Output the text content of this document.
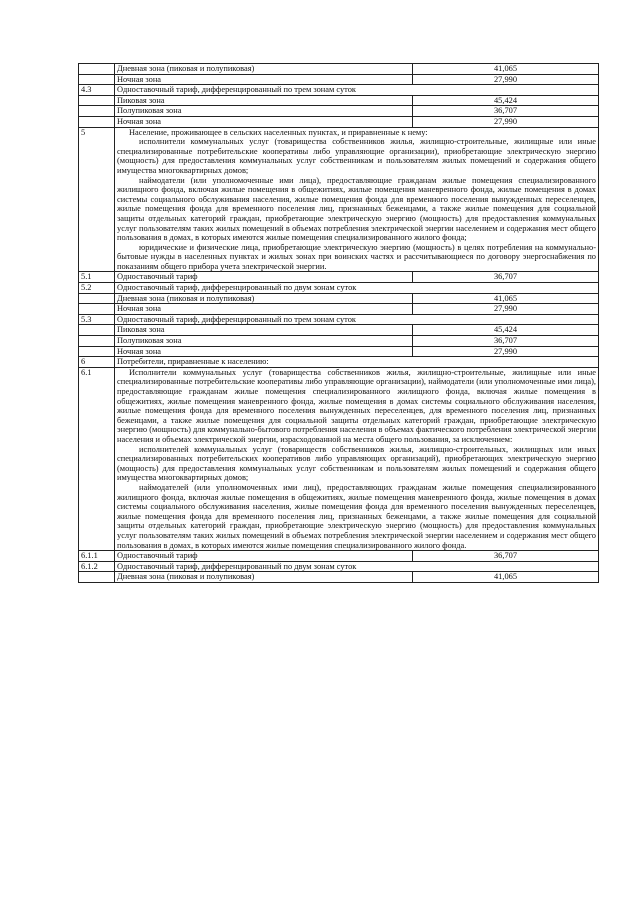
	Дневная зона (пиковая и полупиковая)	41,065
	Ночная зона	27,990
4.3	Одноставочный тариф, дифференцированный по трем зонам суток	
	Пиковая зона	45,424
	Полупиковая зона	36,707
	Ночная зона	27,990
5	Население, проживающее в сельских населенных пунктах, и приравненные к нему:

исполнители коммунальных услуг (товарищества собственников жилья, жилищно-строительные, жилищные или иные специализированные потребительские кооперативы либо управляющие организации), приобретающие электрическую энергию (мощность) для предоставления коммунальных услуг собственникам и пользователям жилых помещений и содержания общего имущества многоквартирных домов;

наймодатели (или уполномоченные ими лица), предоставляющие гражданам жилые помещения специализированного жилищного фонда, включая жилые помещения в общежитиях, жилые помещения маневренного фонда, жилые помещения в домах системы социального обслуживания населения, жилые помещения фонда для временного поселения вынужденных переселенцев, жилые помещения фонда для временного поселения лиц, признанных беженцами, а также жилые помещения для социальной защиты отдельных категорий граждан, приобретающие электрическую энергию (мощность) для предоставления коммунальных услуг пользователям таких жилых помещений в объемах потребления электрической энергии населением и содержания мест общего пользования в домах, в которых имеются жилые помещения специализированного жилого фонда;

юридические и физические лица, приобретающие электрическую энергию (мощность) в целях потребления на коммунально-бытовые нужды в населенных пунктах и жилых зонах при воинских частях и рассчитывающиеся по договору энергоснабжения по показаниям общего прибора учета электрической энергии.	

5.1	Одноставочный тариф	36,707
5.2	Одноставочный тариф, дифференцированный по двум зонам суток	
	Дневная зона (пиковая и полупиковая)	41,065
	Ночная зона	27,990
5.3	Одноставочный тариф, дифференцированный по трем зонам суток	
	Пиковая зона	45,424
	Полупиковая зона	36,707
	Ночная зона	27,990
6	Потребители, приравненные к населению:	
6.1	Исполнители коммунальных услуг (товарищества собственников жилья, жилищно-строительные, жилищные или иные специализированные потребительские кооперативы либо управляющие организации), наймодатели (или уполномоченные ими лица), предоставляющие гражданам жилые помещения специализированного жилищного фонда, включая жилые помещения в общежитиях, жилые помещения маневренного фонда, жилые помещения в домах системы социального обслуживания населения, жилые помещения фонда для временного поселения вынужденных переселенцев, для временного поселения лиц, признанных беженцами, а также жилые помещения для социальной защиты отдельных категорий граждан, приобретающие электрическую энергию (мощность) для коммунально-бытового потребления населения в объемах фактического потребления электрической энергии населения и объемах электрической энергии, израсходованной на места общего пользования, за исключением:

исполнителей коммунальных услуг (товариществ собственников жилья, жилищно-строительных, жилищных или иных специализированных потребительских кооперативов либо управляющих организаций), приобретающих электрическую энергию (мощность) для предоставления коммунальных услуг собственникам и пользователям жилых помещений и содержания общего имущества многоквартирных домов;

наймодателей (или уполномоченных ими лиц), предоставляющих гражданам жилые помещения специализированного жилищного фонда, включая жилые помещения в общежитиях, жилые помещения маневренного фонда, жилые помещения в домах системы социального обслуживания населения, жилые помещения фонда для временного поселения вынужденных переселенцев, жилые помещения фонда для временного поселения лиц, признанных беженцами, а также жилые помещения для социальной защиты отдельных категорий граждан, приобретающие электрическую энергию (мощность) для предоставления коммунальных услуг пользователям таких жилых помещений в объемах потребления электрической энергии населением и содержания мест общего пользования в домах, в которых имеются жилые помещения специализированного жилого фонда.	

6.1.1	Одноставочный тариф	36,707
6.1.2	Одноставочный тариф, дифференцированный по двум зонам суток	
	Дневная зона (пиковая и полупиковая)	41,065
